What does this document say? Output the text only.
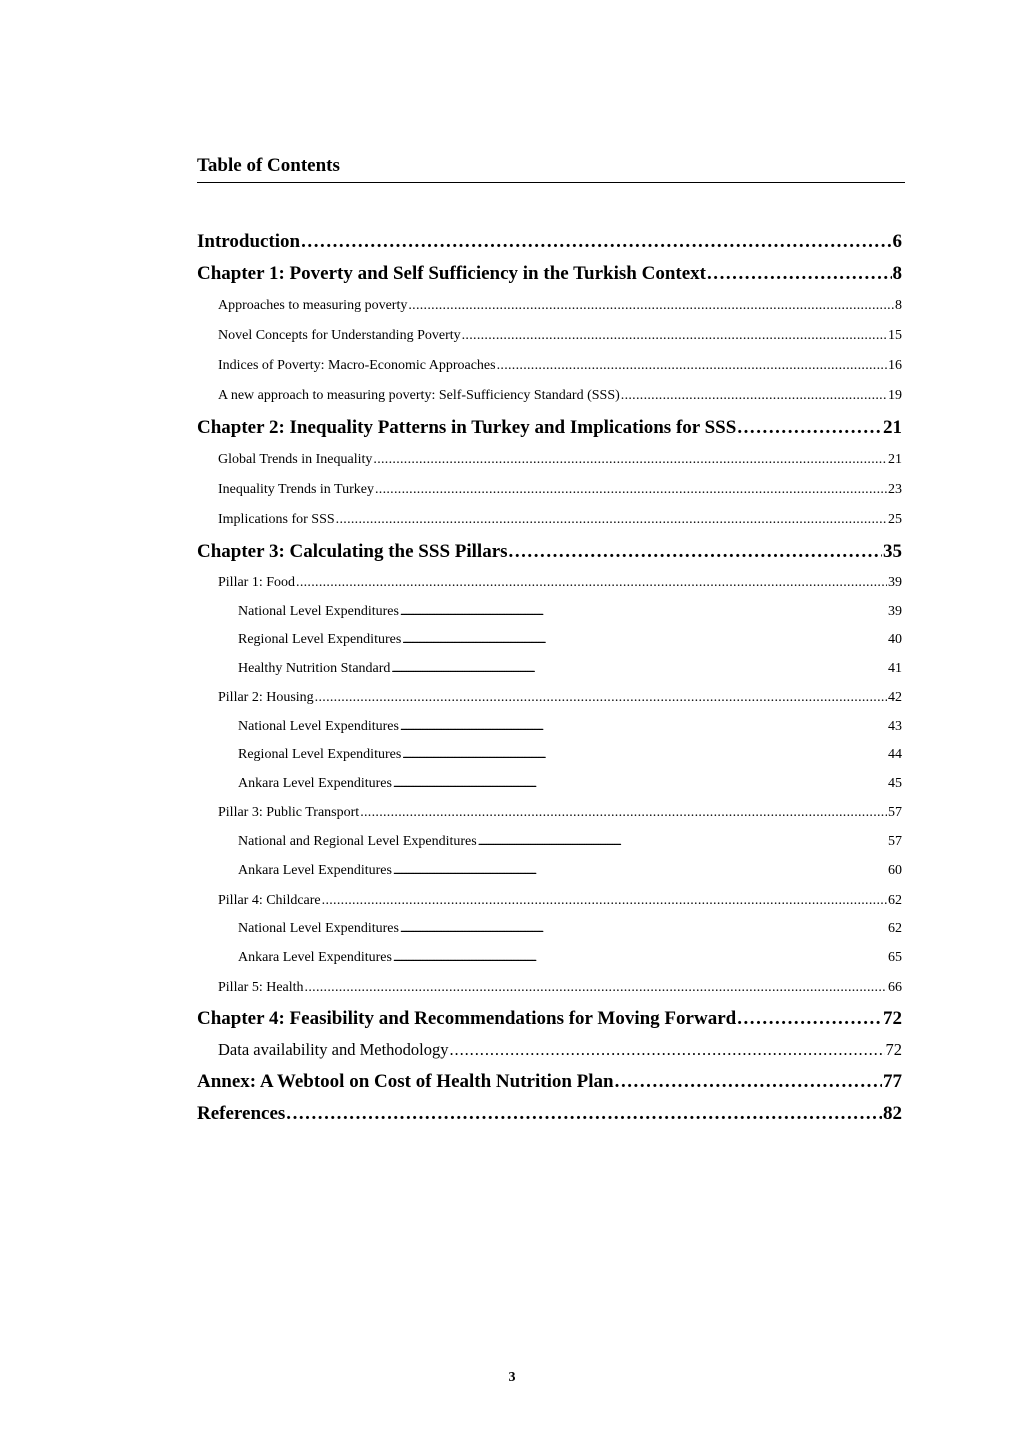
Table of Contents
Introduction . . .	6
Chapter 1: Poverty and Self Sufficiency in the Turkish Context . . .	8
Approaches to measuring poverty . . .	8
Novel Concepts for Understanding Poverty . . .	15
Indices of Poverty: Macro-Economic Approaches . . .	16
A new approach to measuring poverty: Self-Sufficiency Standard (SSS) . . .	19
Chapter 2: Inequality Patterns in Turkey and Implications for SSS . . .	21
Global Trends in Inequality . . .	21
Inequality Trends in Turkey . . .	23
Implications for SSS . . .	25
Chapter 3: Calculating the SSS Pillars . . .	35
Pillar 1: Food . . .	39
National Level Expenditures . . .	39
Regional Level Expenditures . . .	40
Healthy Nutrition Standard . . .	41
Pillar 2: Housing . . .	42
National Level Expenditures . . .	43
Regional Level Expenditures . . .	44
Ankara Level Expenditures . . .	45
Pillar 3: Public Transport . . .	57
National and Regional Level Expenditures . . .	57
Ankara Level Expenditures . . .	60
Pillar 4: Childcare . . .	62
National Level Expenditures . . .	62
Ankara Level Expenditures . . .	65
Pillar 5: Health . . .	66
Chapter 4: Feasibility and Recommendations for Moving Forward . . .	72
Data availability and Methodology . . .	72
Annex: A Webtool on Cost of Health Nutrition Plan . . .	77
References . . .	82
3
